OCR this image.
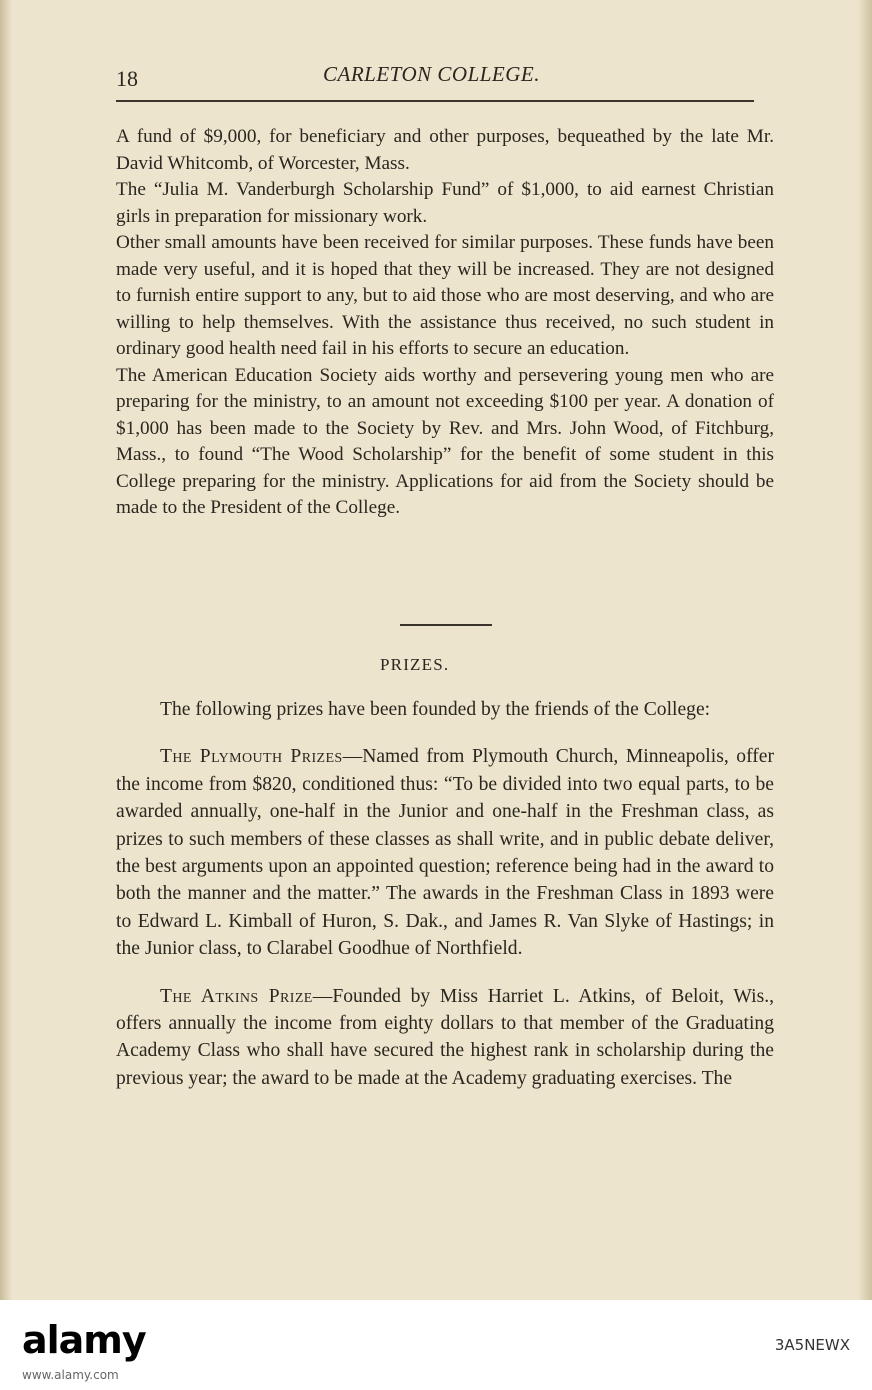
18	CARLETON COLLEGE.

A fund of $9,000, for beneficiary and other purposes, bequeathed by the late Mr. David Whitcomb, of Worcester, Mass.

The “Julia M. Vanderburgh Scholarship Fund” of $1,000, to aid earnest Christian girls in preparation for missionary work.

Other small amounts have been received for similar purposes. These funds have been made very useful, and it is hoped that they will be increased. They are not designed to furnish entire support to any, but to aid those who are most deserving, and who are willing to help themselves. With the assistance thus received, no such student in ordinary good health need fail in his efforts to secure an education.

The American Education Society aids worthy and persevering young men who are preparing for the ministry, to an amount not exceeding $100 per year. A donation of $1,000 has been made to the Society by Rev. and Mrs. John Wood, of Fitchburg, Mass., to found “The Wood Scholarship” for the benefit of some student in this College preparing for the ministry. Applications for aid from the Society should be made to the President of the College.

PRIZES.

The following prizes have been founded by the friends of the College:

The Plymouth Prizes—Named from Plymouth Church, Minneapolis, offer the income from $820, conditioned thus: “To be divided into two equal parts, to be awarded annually, one-half in the Junior and one-half in the Freshman class, as prizes to such members of these classes as shall write, and in public debate deliver, the best arguments upon an appointed question; reference being had in the award to both the manner and the matter.” The awards in the Freshman Class in 1893 were to Edward L. Kimball of Huron, S. Dak., and James R. Van Slyke of Hastings; in the Junior class, to Clarabel Goodhue of Northfield.

The Atkins Prize—Founded by Miss Harriet L. Atkins, of Beloit, Wis., offers annually the income from eighty dollars to that member of the Graduating Academy Class who shall have secured the highest rank in scholarship during the previous year; the award to be made at the Academy graduating exercises. The

alamy	3A5NEWX
www.alamy.com
